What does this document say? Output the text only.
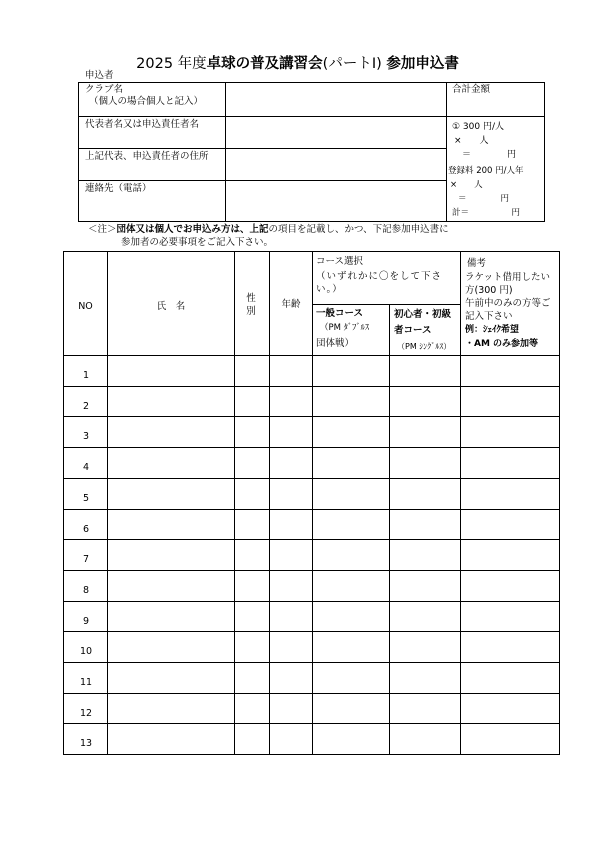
2025 年度卓球の普及講習会(パートⅠ) 参加申込書
申込者
クラブ名
（個人の場合個人と記入）
代表者名又は申込責任者名
上記代表、申込責任者の住所
連絡先（電話）
合計金額
① 300 円/人
×　　人
＝　　　　円
登録料 200 円/人年
×　　人
＝　　　　円
計＝　　　　　円
＜注＞団体又は個人でお申込み方は、上記の項目を記載し、かつ、下記参加申込書に
参加者の必要事項をご記入下さい。
NO	氏　名
性別
年齢
コース選択
（いずれかに〇をして下さい。）
一般コース
（PM ﾀﾞﾌﾞﾙｽ
団体戦）
初心者・初級者コース
（PM ｼﾝｸﾞﾙｽ）
備考
ラケット借用したい方(300 円)
午前中のみの方等ご記入下さい
例：ｼｪｲｸ希望
・AM のみ参加等
1
2
3
4
5
6
7
8
9
10
11
12
13
